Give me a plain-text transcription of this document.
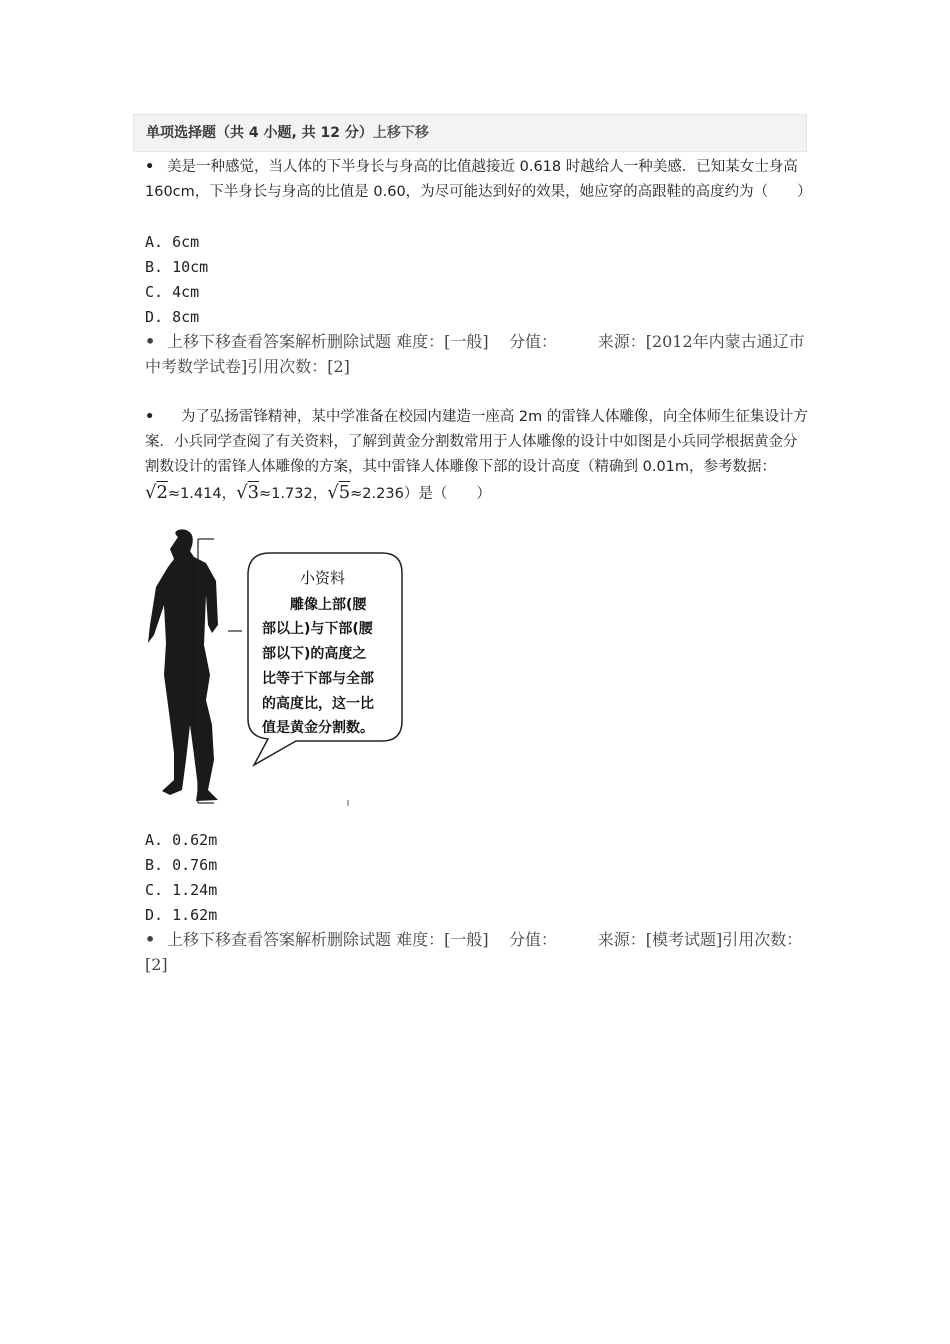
单项选择题（共 4 小题, 共 12 分）上移下移
• 美是一种感觉，当人体的下半身长与身高的比值越接近 0.618 时越给人一种美感．已知某女士身高 160cm，下半身长与身高的比值是 0.60，为尽可能达到好的效果，她应穿的高跟鞋的高度约为（　　）
A. 6cm
B. 10cm
C. 4cm
D. 8cm
• 上移下移查看答案解析删除试题 难度：[一般] 分值：	来源：[2012年内蒙古通辽市中考数学试卷]引用次数：[2]
• 为了弘扬雷锋精神，某中学准备在校园内建造一座高 2m 的雷锋人体雕像，向全体师生征集设计方案．小兵同学查阅了有关资料，了解到黄金分割数常用于人体雕像的设计中如图是小兵同学根据黄金分割数设计的雷锋人体雕像的方案，其中雷锋人体雕像下部的设计高度（精确到 0.01m，参考数据：√2≈1.414，√3≈1.732，√5≈2.236）是（　　）
小资料
雕像上部(腰
部以上)与下部(腰
部以下)的高度之
比等于下部与全部
的高度比，这一比
值是黄金分割数。
A. 0.62m
B. 0.76m
C. 1.24m
D. 1.62m
• 上移下移查看答案解析删除试题 难度：[一般] 分值：	来源：[模考试题]引用次数：[2]
